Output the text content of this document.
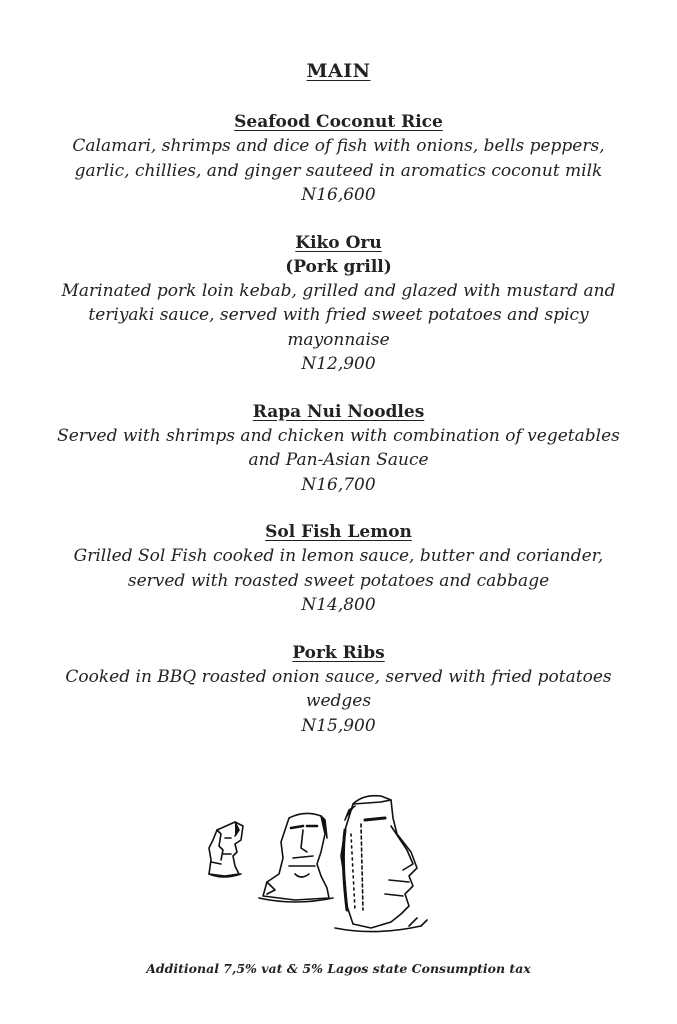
MAIN
Seafood Coconut Rice
Calamari, shrimps and dice of fish with onions, bells peppers,
garlic, chillies, and ginger sauteed in aromatics coconut milk
N16,600
Kiko Oru
(Pork grill)
Marinated pork loin kebab, grilled and glazed with mustard and
teriyaki sauce, served with fried sweet potatoes and spicy
mayonnaise
N12,900
Rapa Nui Noodles
Served with shrimps and chicken with combination of vegetables
and Pan-Asian Sauce
N16,700
Sol Fish Lemon
Grilled Sol Fish cooked in lemon sauce, butter and coriander,
served with roasted sweet potatoes and cabbage
N14,800
Pork Ribs
Cooked in BBQ roasted onion sauce, served with fried potatoes
wedges
N15,900
Additional 7,5% vat & 5% Lagos state Consumption tax
